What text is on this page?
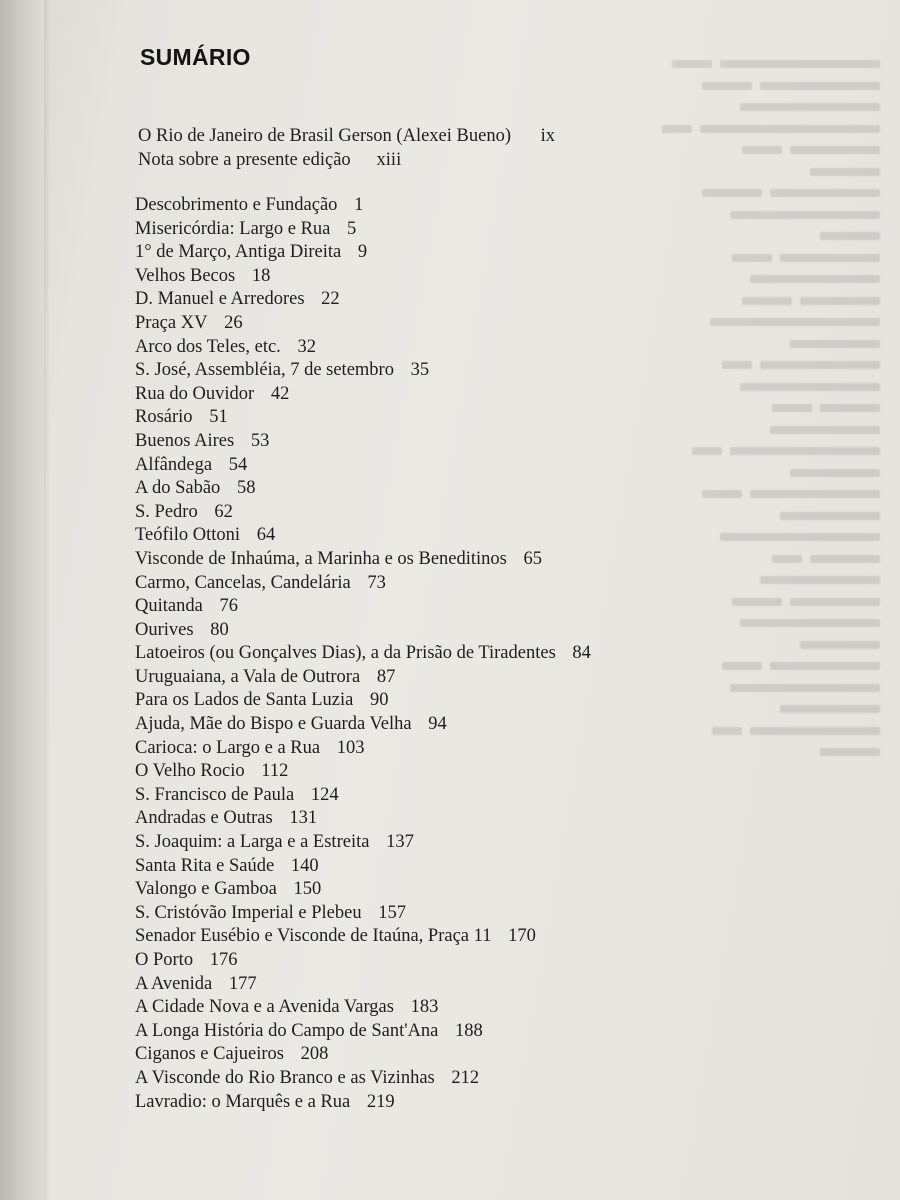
SUMÁRIO
O Rio de Janeiro de Brasil Gerson (Alexei Bueno) ix
Nota sobre a presente edição xiii
Descobrimento e Fundação 1
Misericórdia: Largo e Rua 5
1° de Março, Antiga Direita 9
Velhos Becos 18
D. Manuel e Arredores 22
Praça XV 26
Arco dos Teles, etc. 32
S. José, Assembléia, 7 de setembro 35
Rua do Ouvidor 42
Rosário 51
Buenos Aires 53
Alfândega 54
A do Sabão 58
S. Pedro 62
Teófilo Ottoni 64
Visconde de Inhaúma, a Marinha e os Beneditinos 65
Carmo, Cancelas, Candelária 73
Quitanda 76
Ourives 80
Latoeiros (ou Gonçalves Dias), a da Prisão de Tiradentes 84
Uruguaiana, a Vala de Outrora 87
Para os Lados de Santa Luzia 90
Ajuda, Mãe do Bispo e Guarda Velha 94
Carioca: o Largo e a Rua 103
O Velho Rocio 112
S. Francisco de Paula 124
Andradas e Outras 131
S. Joaquim: a Larga e a Estreita 137
Santa Rita e Saúde 140
Valongo e Gamboa 150
S. Cristóvão Imperial e Plebeu 157
Senador Eusébio e Visconde de Itaúna, Praça 11 170
O Porto 176
A Avenida 177
A Cidade Nova e a Avenida Vargas 183
A Longa História do Campo de Sant'Ana 188
Ciganos e Cajueiros 208
A Visconde do Rio Branco e as Vizinhas 212
Lavradio: o Marquês e a Rua 219
